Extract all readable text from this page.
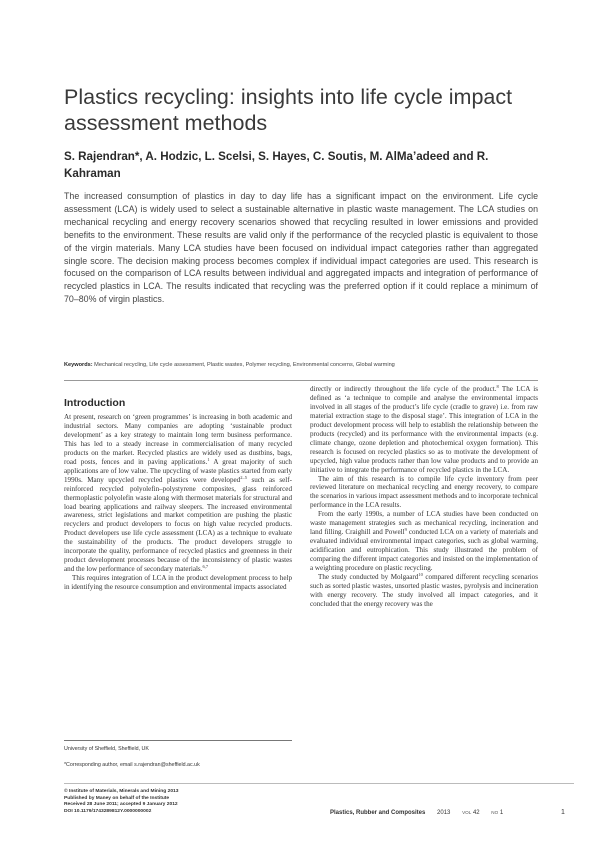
Plastics recycling: insights into life cycle impact assessment methods

S. Rajendran*, A. Hodzic, L. Scelsi, S. Hayes, C. Soutis, M. AlMa’adeed and R. Kahraman

The increased consumption of plastics in day to day life has a significant impact on the environment. Life cycle assessment (LCA) is widely used to select a sustainable alternative in plastic waste management. The LCA studies on mechanical recycling and energy recovery scenarios showed that recycling resulted in lower emissions and provided benefits to the environment. These results are valid only if the performance of the recycled plastic is equivalent to those of the virgin materials. Many LCA studies have been focused on individual impact categories rather than aggregated single score. The decision making process becomes complex if individual impact categories are used. This research is focused on the comparison of LCA results between individual and aggregated impacts and integration of performance of recycled plastics in LCA. The results indicated that recycling was the preferred option if it could replace a minimum of 70–80% of virgin plastics.

Keywords: Mechanical recycling, Life cycle assessment, Plastic wastes, Polymer recycling, Environmental concerns, Global warming

Introduction

At present, research on ‘green programmes’ is increasing in both academic and industrial sectors. Many companies are adopting ‘sustainable product development’ as a key strategy to maintain long term business performance. This has led to a steady increase in commercialisation of many recycled products on the market. Recycled plastics are widely used as dustbins, bags, road posts, fences and in paving applications.$^1$ A great majority of such applications are of low value. The upcycling of waste plastics started from early 1990s. Many upcycled recycled plastics were developed$^{2-5}$ such as self-reinforced recycled polyolefin–polystyrene composites, glass reinforced thermoplastic polyolefin waste along with thermoset materials for structural and load bearing applications and railway sleepers. The increased environmental awareness, strict legislations and market competition are pushing the plastic recyclers and product developers to focus on high value recycled products. Product developers use life cycle assessment (LCA) as a technique to evaluate the sustainability of the products. The product developers struggle to incorporate the quality, performance of recycled plastics and greenness in their product development processes because of the inconsistency of plastic wastes and the low performance of secondary materials.$^{6,7}$

This requires integration of LCA in the product development process to help in identifying the resource consumption and environmental impacts associated

directly or indirectly throughout the life cycle of the product.$^8$ The LCA is defined as ‘a technique to compile and analyse the environmental impacts involved in all stages of the product’s life cycle (cradle to grave) i.e. from raw material extraction stage to the disposal stage’. This integration of LCA in the product development process will help to establish the relationship between the products (recycled) and its performance with the environmental impacts (e.g. climate change, ozone depletion and photochemical oxygen formation). This research is focused on recycled plastics so as to motivate the development of upcycled, high value products rather than low value products and to provide an initiative to integrate the performance of recycled plastics in the LCA.

The aim of this research is to compile life cycle inventory from peer reviewed literature on mechanical recycling and energy recovery, to compare the scenarios in various impact assessment methods and to incorporate technical performance in the LCA results.

From the early 1990s, a number of LCA studies have been conducted on waste management strategies such as mechanical recycling, incineration and land filling. Craighill and Powell$^9$ conducted LCA on a variety of materials and evaluated individual environmental impact categories, such as global warming, acidification and eutrophication. This study illustrated the problem of comparing the different impact categories and insisted on the implementation of a weighting procedure on plastic recycling.

The study conducted by Molgaard$^{10}$ compared different recycling scenarios such as sorted plastic wastes, unsorted plastic wastes, pyrolysis and incineration with energy recovery. The study involved all impact categories, and it concluded that the energy recovery was the

University of Sheffield, Sheffield, UK

*Corresponding author, email s.rajendran@sheffield.ac.uk

© Institute of Materials, Minerals and Mining 2013
Published by Maney on behalf of the Institute
Received 28 June 2011; accepted 9 January 2012
DOI 10.1179/1743289812Y.0000000002	Plastics, Rubber and Composites 2013	VOL 42	NO 1	1
